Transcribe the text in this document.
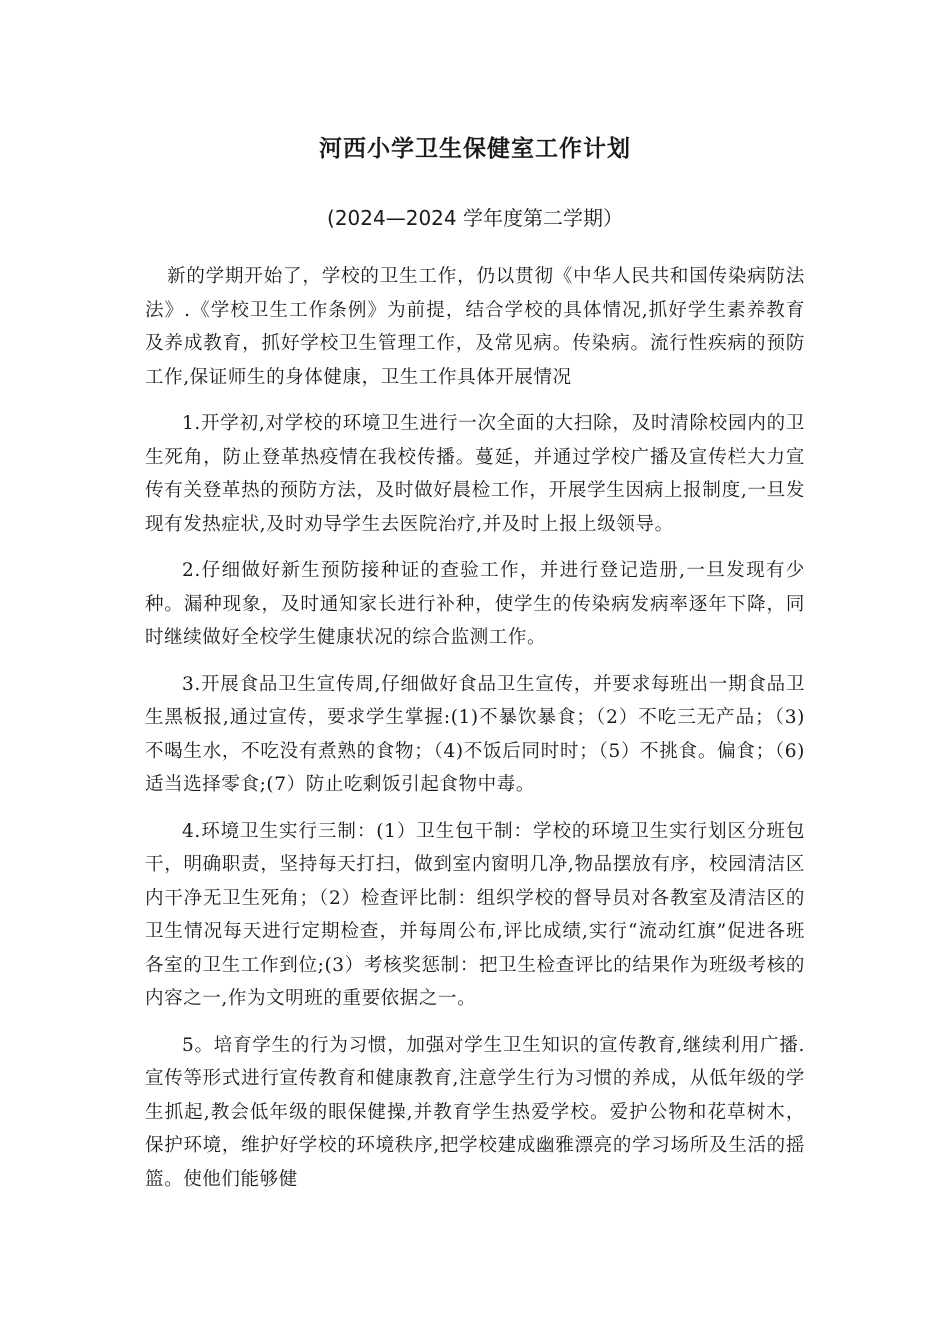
河西小学卫生保健室工作计划
(2024—2024 学年度第二学期）

新的学期开始了，学校的卫生工作，仍以贯彻《中华人民共和国传染病防法法》.《学校卫生工作条例》为前提，结合学校的具体情况,抓好学生素养教育及养成教育，抓好学校卫生管理工作，及常见病。传染病。流行性疾病的预防工作,保证师生的身体健康，卫生工作具体开展情况

1.开学初,对学校的环境卫生进行一次全面的大扫除，及时清除校园内的卫生死角，防止登革热疫情在我校传播。蔓延，并通过学校广播及宣传栏大力宣传有关登革热的预防方法，及时做好晨检工作，开展学生因病上报制度,一旦发现有发热症状,及时劝导学生去医院治疗,并及时上报上级领导。

2.仔细做好新生预防接种证的查验工作，并进行登记造册,一旦发现有少种。漏种现象，及时通知家长进行补种，使学生的传染病发病率逐年下降，同时继续做好全校学生健康状况的综合监测工作。

3.开展食品卫生宣传周,仔细做好食品卫生宣传，并要求每班出一期食品卫生黑板报,通过宣传，要求学生掌握:(1)不暴饮暴食；（2）不吃三无产品；（3)不喝生水，不吃没有煮熟的食物；（4)不饭后同时时；（5）不挑食。偏食；（6)适当选择零食;(7）防止吃剩饭引起食物中毒。

4.环境卫生实行三制：(1）卫生包干制：学校的环境卫生实行划区分班包干，明确职责，坚持每天打扫，做到室内窗明几净,物品摆放有序，校园清洁区内干净无卫生死角；（2）检查评比制：组织学校的督导员对各教室及清洁区的卫生情况每天进行定期检查，并每周公布,评比成绩,实行“流动红旗”促进各班各室的卫生工作到位;(3）考核奖惩制：把卫生检查评比的结果作为班级考核的内容之一,作为文明班的重要依据之一。

5。培育学生的行为习惯，加强对学生卫生知识的宣传教育,继续利用广播.宣传等形式进行宣传教育和健康教育,注意学生行为习惯的养成，从低年级的学生抓起,教会低年级的眼保健操,并教育学生热爱学校。爱护公物和花草树木，保护环境，维护好学校的环境秩序,把学校建成幽雅漂亮的学习场所及生活的摇篮。使他们能够健
